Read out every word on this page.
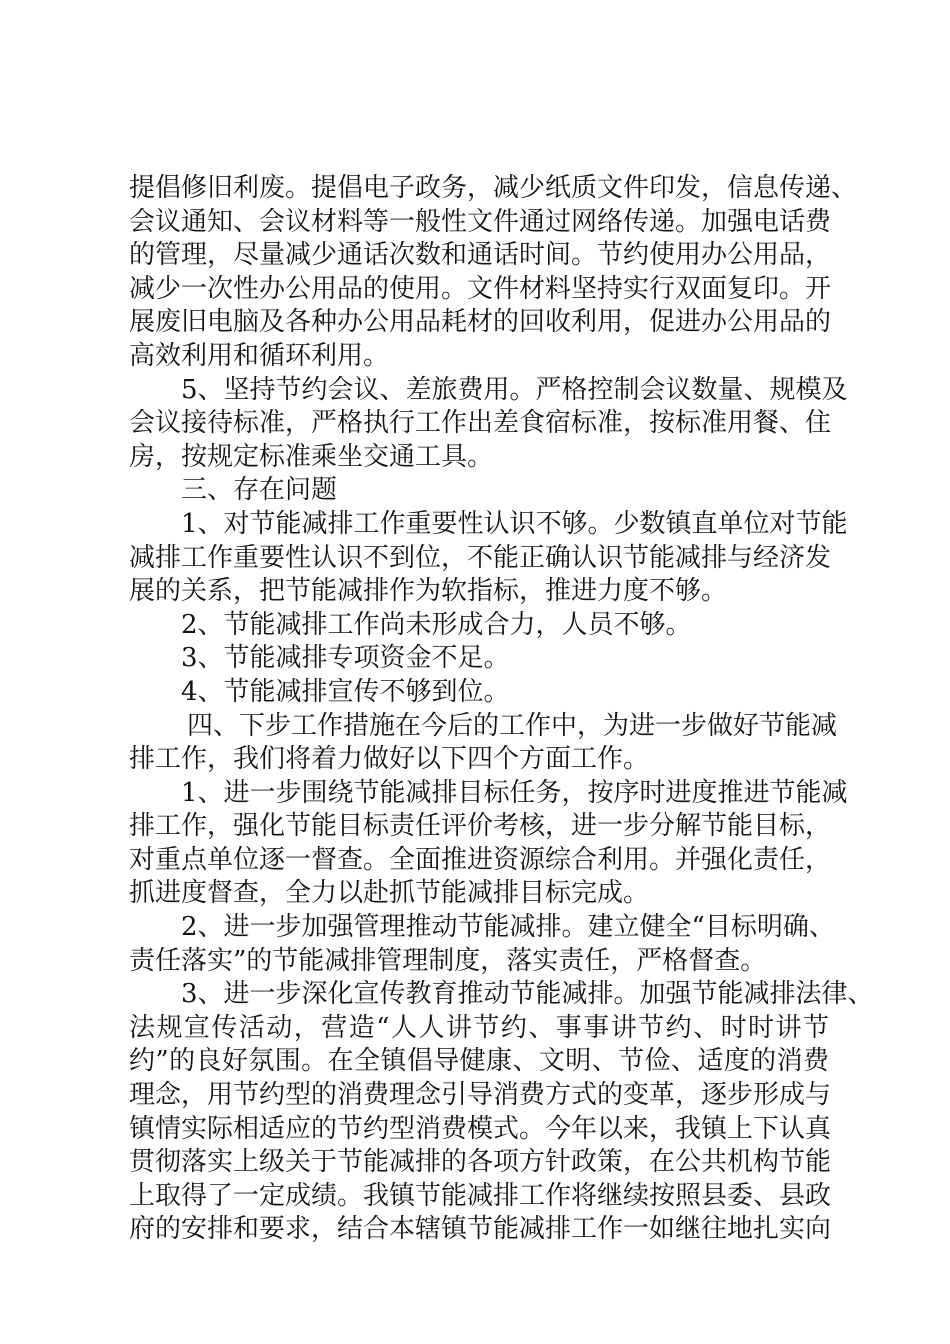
提倡修旧利废。提倡电子政务，减少纸质文件印发，信息传递、
会议通知、会议材料等一般性文件通过网络传递。加强电话费
的管理，尽量减少通话次数和通话时间。节约使用办公用品，
减少一次性办公用品的使用。文件材料坚持实行双面复印。开
展废旧电脑及各种办公用品耗材的回收利用，促进办公用品的
高效利用和循环利用。
5、坚持节约会议、差旅费用。严格控制会议数量、规模及
会议接待标准，严格执行工作出差食宿标准，按标准用餐、住
房，按规定标准乘坐交通工具。
三、存在问题
1、对节能减排工作重要性认识不够。少数镇直单位对节能
减排工作重要性认识不到位，不能正确认识节能减排与经济发
展的关系，把节能减排作为软指标，推进力度不够。
2、节能减排工作尚未形成合力，人员不够。
3、节能减排专项资金不足。
4、节能减排宣传不够到位。
四、下步工作措施在今后的工作中，为进一步做好节能减
排工作，我们将着力做好以下四个方面工作。
1、进一步围绕节能减排目标任务，按序时进度推进节能减
排工作，强化节能目标责任评价考核，进一步分解节能目标，
对重点单位逐一督查。全面推进资源综合利用。并强化责任，
抓进度督查，全力以赴抓节能减排目标完成。
2、进一步加强管理推动节能减排。建立健全“目标明确、
责任落实”的节能减排管理制度，落实责任，严格督查。
3、进一步深化宣传教育推动节能减排。加强节能减排法律、
法规宣传活动，营造“人人讲节约、事事讲节约、时时讲节
约”的良好氛围。在全镇倡导健康、文明、节俭、适度的消费
理念，用节约型的消费理念引导消费方式的变革，逐步形成与
镇情实际相适应的节约型消费模式。今年以来，我镇上下认真
贯彻落实上级关于节能减排的各项方针政策，在公共机构节能
上取得了一定成绩。我镇节能减排工作将继续按照县委、县政
府的安排和要求，结合本辖镇节能减排工作一如继往地扎实向
